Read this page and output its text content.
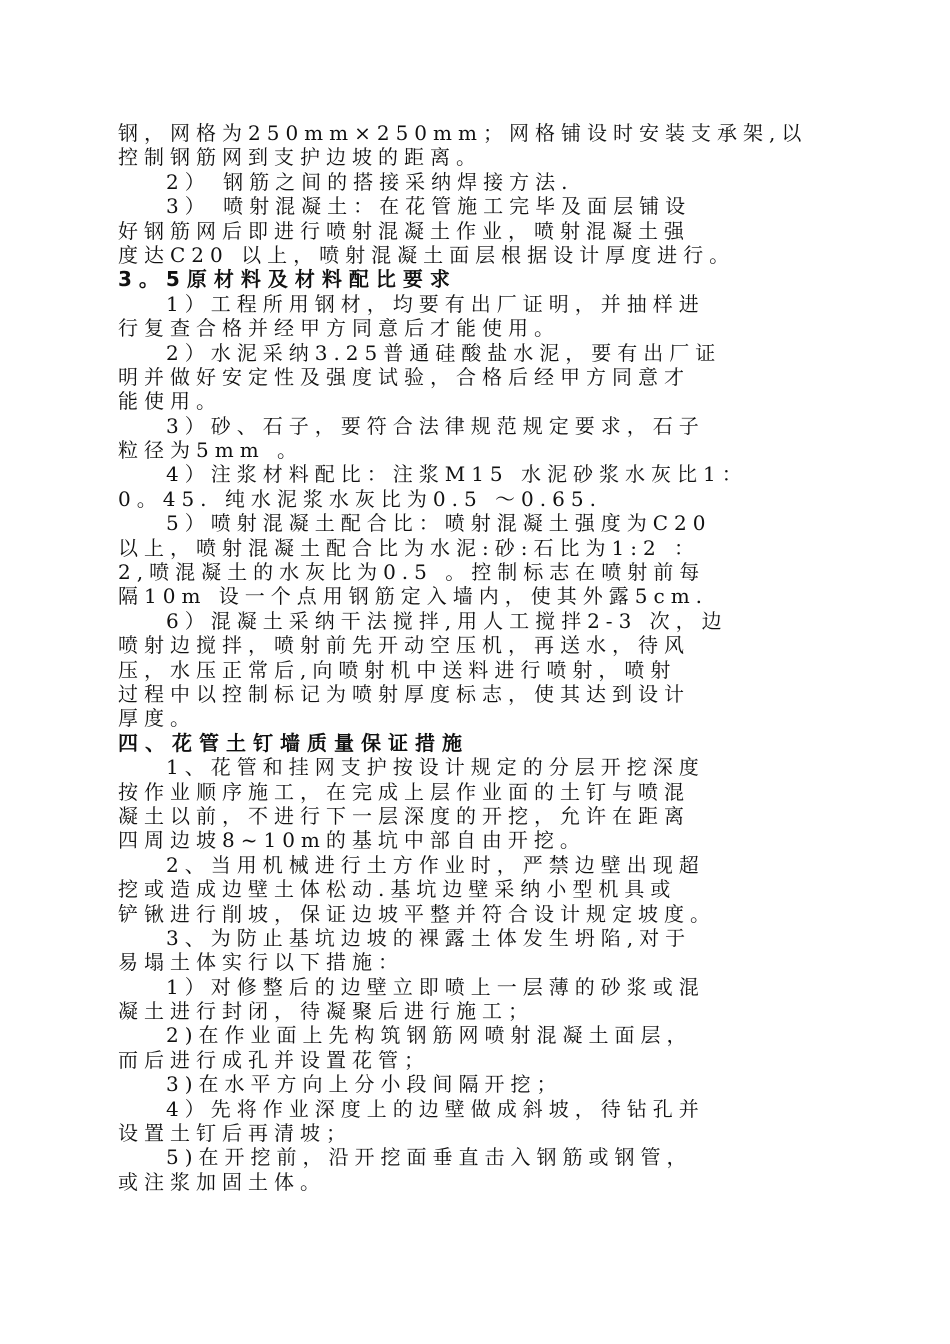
钢，网格为250mm×250mm；网格铺设时安装支承架,以
控制钢筋网到支护边坡的距离。
2） 钢筋之间的搭接采纳焊接方法.
3） 喷射混凝土：在花管施工完毕及面层铺设
好钢筋网后即进行喷射混凝土作业，喷射混凝土强
度达C20 以上，喷射混凝土面层根据设计厚度进行。
3。5原材料及材料配比要求
1）工程所用钢材，均要有出厂证明，并抽样进
行复查合格并经甲方同意后才能使用。
2）水泥采纳3.25普通硅酸盐水泥，要有出厂证
明并做好安定性及强度试验，合格后经甲方同意才
能使用。
3）砂、石子，要符合法律规范规定要求，石子
粒径为5mm 。
4）注浆材料配比：注浆M15 水泥砂浆水灰比1：
0。45. 纯水泥浆水灰比为0.5 ～0.65.
5）喷射混凝土配合比：喷射混凝土强度为C20
以上，喷射混凝土配合比为水泥:砂:石比为1:2 ：
2,喷混凝土的水灰比为0.5 。控制标志在喷射前每
隔10m 设一个点用钢筋定入墙内，使其外露5cm.
6）混凝土采纳干法搅拌,用人工搅拌2-3 次，边
喷射边搅拌，喷射前先开动空压机，再送水，待风
压，水压正常后,向喷射机中送料进行喷射，喷射
过程中以控制标记为喷射厚度标志，使其达到设计
厚度。
四、花管土钉墙质量保证措施
1、花管和挂网支护按设计规定的分层开挖深度
按作业顺序施工，在完成上层作业面的土钉与喷混
凝土以前，不进行下一层深度的开挖，允许在距离
四周边坡8~10m的基坑中部自由开挖。
2、当用机械进行土方作业时，严禁边壁出现超
挖或造成边壁土体松动.基坑边壁采纳小型机具或
铲锹进行削坡，保证边坡平整并符合设计规定坡度。
3、为防止基坑边坡的裸露土体发生坍陷,对于
易塌土体实行以下措施：
1）对修整后的边壁立即喷上一层薄的砂浆或混
凝土进行封闭，待凝聚后进行施工；
2)在作业面上先构筑钢筋网喷射混凝土面层，
而后进行成孔并设置花管；
3)在水平方向上分小段间隔开挖；
4）先将作业深度上的边壁做成斜坡，待钻孔并
设置土钉后再清坡；
5)在开挖前，沿开挖面垂直击入钢筋或钢管，
或注浆加固土体。
